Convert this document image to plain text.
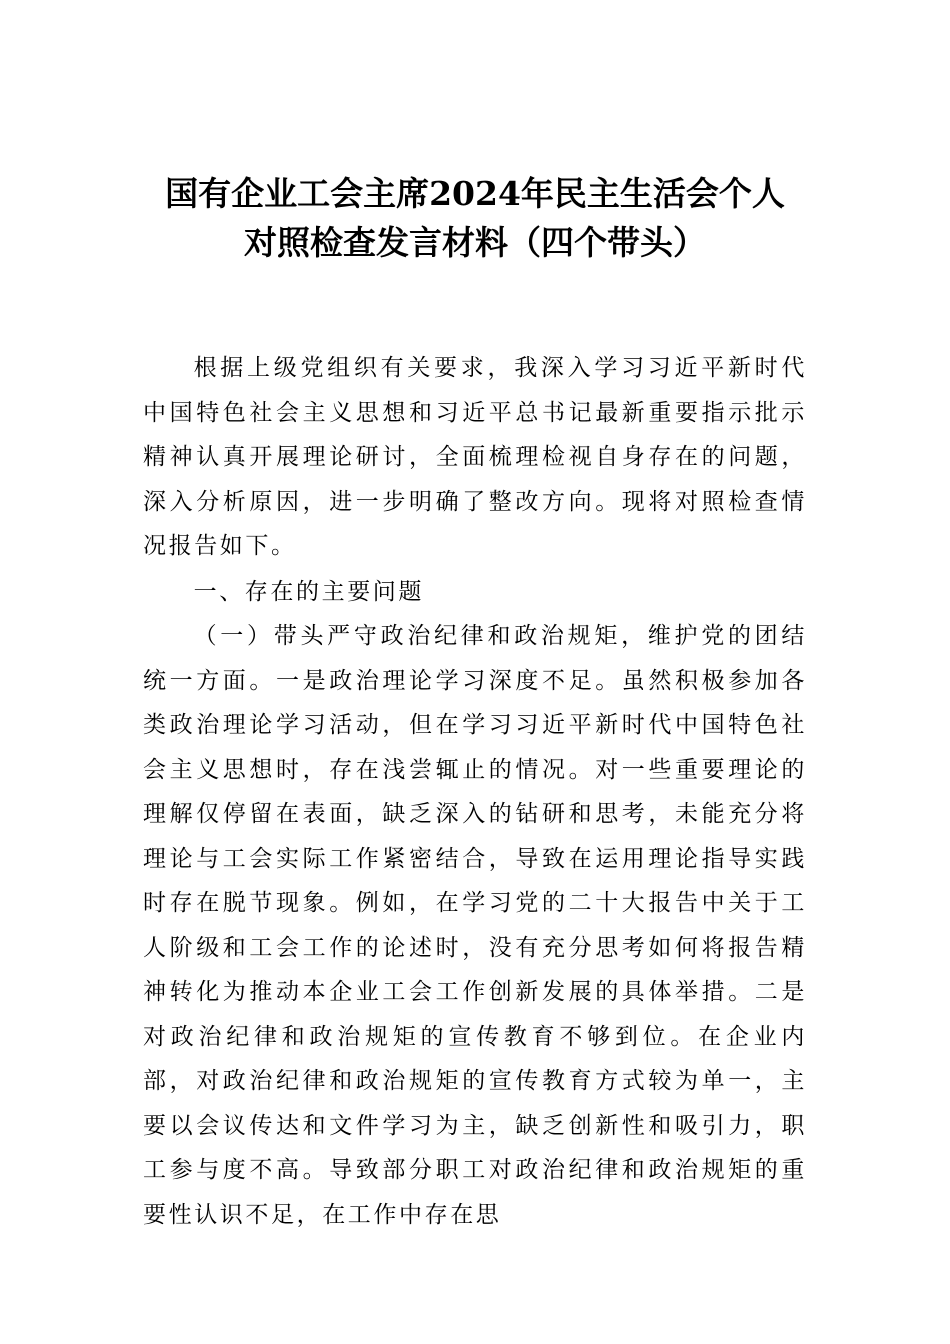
国有企业工会主席2024年民主生活会个人
对照检查发言材料（四个带头）

根据上级党组织有关要求，我深入学习习近平新时代中国特色社会主义思想和习近平总书记最新重要指示批示精神认真开展理论研讨，全面梳理检视自身存在的问题，深入分析原因，进一步明确了整改方向。现将对照检查情况报告如下。

一、存在的主要问题

（一）带头严守政治纪律和政治规矩，维护党的团结统一方面。一是政治理论学习深度不足。虽然积极参加各类政治理论学习活动，但在学习习近平新时代中国特色社会主义思想时，存在浅尝辄止的情况。对一些重要理论的理解仅停留在表面，缺乏深入的钻研和思考，未能充分将理论与工会实际工作紧密结合，导致在运用理论指导实践时存在脱节现象。例如，在学习党的二十大报告中关于工人阶级和工会工作的论述时，没有充分思考如何将报告精神转化为推动本企业工会工作创新发展的具体举措。二是对政治纪律和政治规矩的宣传教育不够到位。在企业内部，对政治纪律和政治规矩的宣传教育方式较为单一，主要以会议传达和文件学习为主，缺乏创新性和吸引力，职工参与度不高。导致部分职工对政治纪律和政治规矩的重要性认识不足，在工作中存在思
